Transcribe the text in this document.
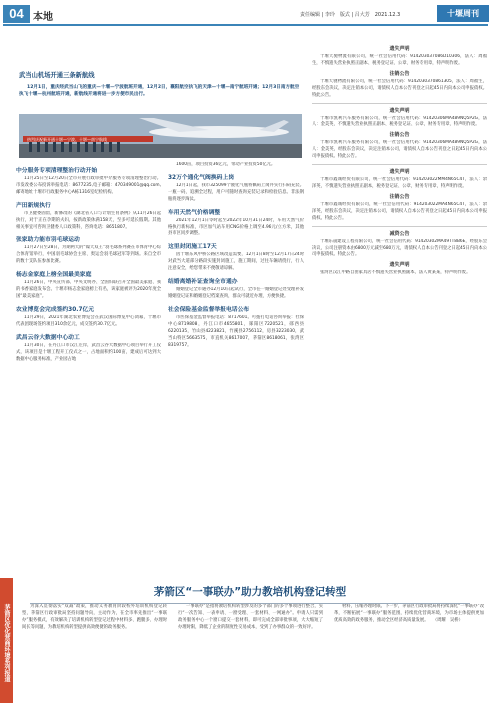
04 本地	责任编辑 | 李玲　版式 | 吕大芳　2021.12.3	十堰周刊
武当山机场开通三条新航线
12月1日，重庆经武当山飞的重庆—十堰—宁波航班开通，12月2日，襄阳航空执飞的天津—十堰—南宁航班开通；12月3日南方航空执飞十堰—杭州航班开通，新航线开通将进一步方便市民出行。
热烈庆祝新开通十堰—宁波、十堰—南宁航线
中分服务专项清理整治行动开始
11月25日至12月20日全市开展行政审批中介服务专项清理整治行动。市发改委公布投诉举报电话：8677235,电子邮箱：470349001@qq.com,邮寄地址十堰市行政服务中心A栋1316室纪检机构。
产田新规执行
市卫健委固留，新修改的《湖北省人口与计划生育条例》从11月26日起执行，对于正在孕期的夫妇，按新政策休满158天，至多可延长假期。其他相关事宜可咨询卫健委人口政策科，咨询电话：8651807。
张家助力能市羽毛球运动
11月27日至28日，为期两天的“镍天双王”羽毛球系列赛在市体育中心综合体育馆举行，中国羽毛球协会主席、奥运会羽毛球冠军等到场。来自全市的数十支队伍参加比赛。
杨志金家庭上榜全国最美家庭
11月26日，中央宣传部、中央文明办、全国妇联召开全国最美家庭、我的书香家庭发布会。十堰市杨志金家庭榜上有名，该家庭被评为2020年度全国“最美家庭”。
农业博览会完成签约30.7亿元
11月29日，2021年湖北农业博览会在武汉国际博览中心闭幕，十堰市代表团现场签约项目310余亿元，成交签约30.7亿元。
武昌云谷大数据中心动工
11月30日，在丹江口市汉江左岸，武昌云谷大数据中心项目举行开工仪式，该项目是十堰工程开工仪式之一，占地面积约100亩，建成后可达到大数据中心服务标准，产业园占地
1600亩，项目投资36亿元，带动产业投资50亿元。
32万个通化气阀换码上岗
12月1日起，我市325099个液化气瓶将佩码上岗并实行扫码充装。一瓶一码，追溯全过程，用户可随时查询充装记录和检验信息。非法钢瓶将逐步淘汰。
车用天然气价格调整
2021年12月1日零时起至2022年10月31日24时，车用天然气价格执行新标准，市区加气站车用CNG价格上调至4.96元/立方米，其他县市区同步调整。
这里封闭施工17天
因十堰东风中桥公路区域改造需要，12月1日8时至12月17日24时对武当大道部分路段实施封闭施工，施工期间，过往车辆请绕行，行人注意安全，给您带来不便敬请谅解。
结婚离婚补证查询全市通办
婚姻登记全市通办12月10日起试行，全市任一婚姻登记处受理补发婚姻登记证和婚姻登记档案查询，群众可就近办理，方便快捷。
社会保险基金监督举报电话公布
市医保基金监督举报电话：8717601。可拨打电话咨询举报：社保中心8719808，丹江口市4655801，郧阳区7220521，郧西县6220135，竹山县4223821，竹溪县2756112，房县3223030，武当山特区5663575，市直机关8617007，茅箭区8618061，张湾区8319757。
遗失声明
十堰天驰物流有限公司，统一社会信用代码：914203037086D10306，法人：周福生，不慎遗失营业执照正副本、税务登记证、公章、财务专用章，特声明作废。
注销公告
十堰天驰物流有限公司，统一社会信用代码：9142030370861305，法人：周福生，经股东会决议，决定注销本公司，请债权人自本公告刊登之日起45日内向本公司申报债权。特此公告。
遗失声明
十堰市凯利汽车服务有限公司，统一社会信用代码：91420306MA489NQ5P2G，法人：金美英，不慎遗失营业执照正副本、税务登记证、公章，财务专用章，特声明作废。
注销公告
十堰市凯利汽车服务有限公司，统一社会信用代码：91420306MA489NQ5P2G，法人：金美英，经股东会决议，决定注销本公司，请债权人自本公告刊登之日起45日内向本公司申报债权。特此公告。
遗失声明
十堰市鑫诚经贸有限公司，统一社会信用代码：914203022MM4N65C4T，法人：余泽英，不慎遗失营业执照正副本，税务登记证、公章，财务专用章，特声明作废。
注销公告
十堰市鑫诚经贸有限公司，统一社会信用代码：914203022MA4N65C4T，法人：余泽英，经股东会决议，决定注销本公司，请债权人自本公告刊登之日起45日内向本公司申报债权。特此公告。
减资公告
十堰东晟建设工程有限公司，统一社会信用代码：91420302MA49TT8B6E，经股东会决议，公司注册资本由6800万元减至680万元，请债权人自本公告刊登之日起45日内向本公司申报债权。特此公告。
遗失声明
张湾区汉江中路自由家具店不慎遗失营业执照副本，法人黄某某，特声明作废。
茅箭区优化营商环境系列报道
茅箭区“一事联办”助力教培机构登记转型
为深入贯彻落实“双减”政策，推动义务教育阶段校外培训机构登记转型，茅箭区行政审批局坚持问题导向，主动作为，在全市率先推出“一事联办”服务模式，有效解决了培训机构转型登记过程中材料多、跑腿多、办理时间长等问题，为教培机构转型提供高效便捷的政务服务。
一事联办”是指将教培机构转型涉及的多个部门的多个事项进行整合，实行“一次告知、一表申请、一窗受理、一套材料、一网通办”。申请人只需到政务服务中心一个窗口提交一套材料，即可完成全部审批事项，大大缩短了办理时限，降低了企业的制度性交易成本，受到了办事群众的一致好评。
材料，压缩办理时限。下一步，茅箭区行政审批局将持续深化“一事联办”改革，不断拓展“一事联办”服务范围，持续优化营商环境，为市场主体提供更加优质高效的政务服务，推动全区经济高质量发展。　　（周耀　吴桥）
